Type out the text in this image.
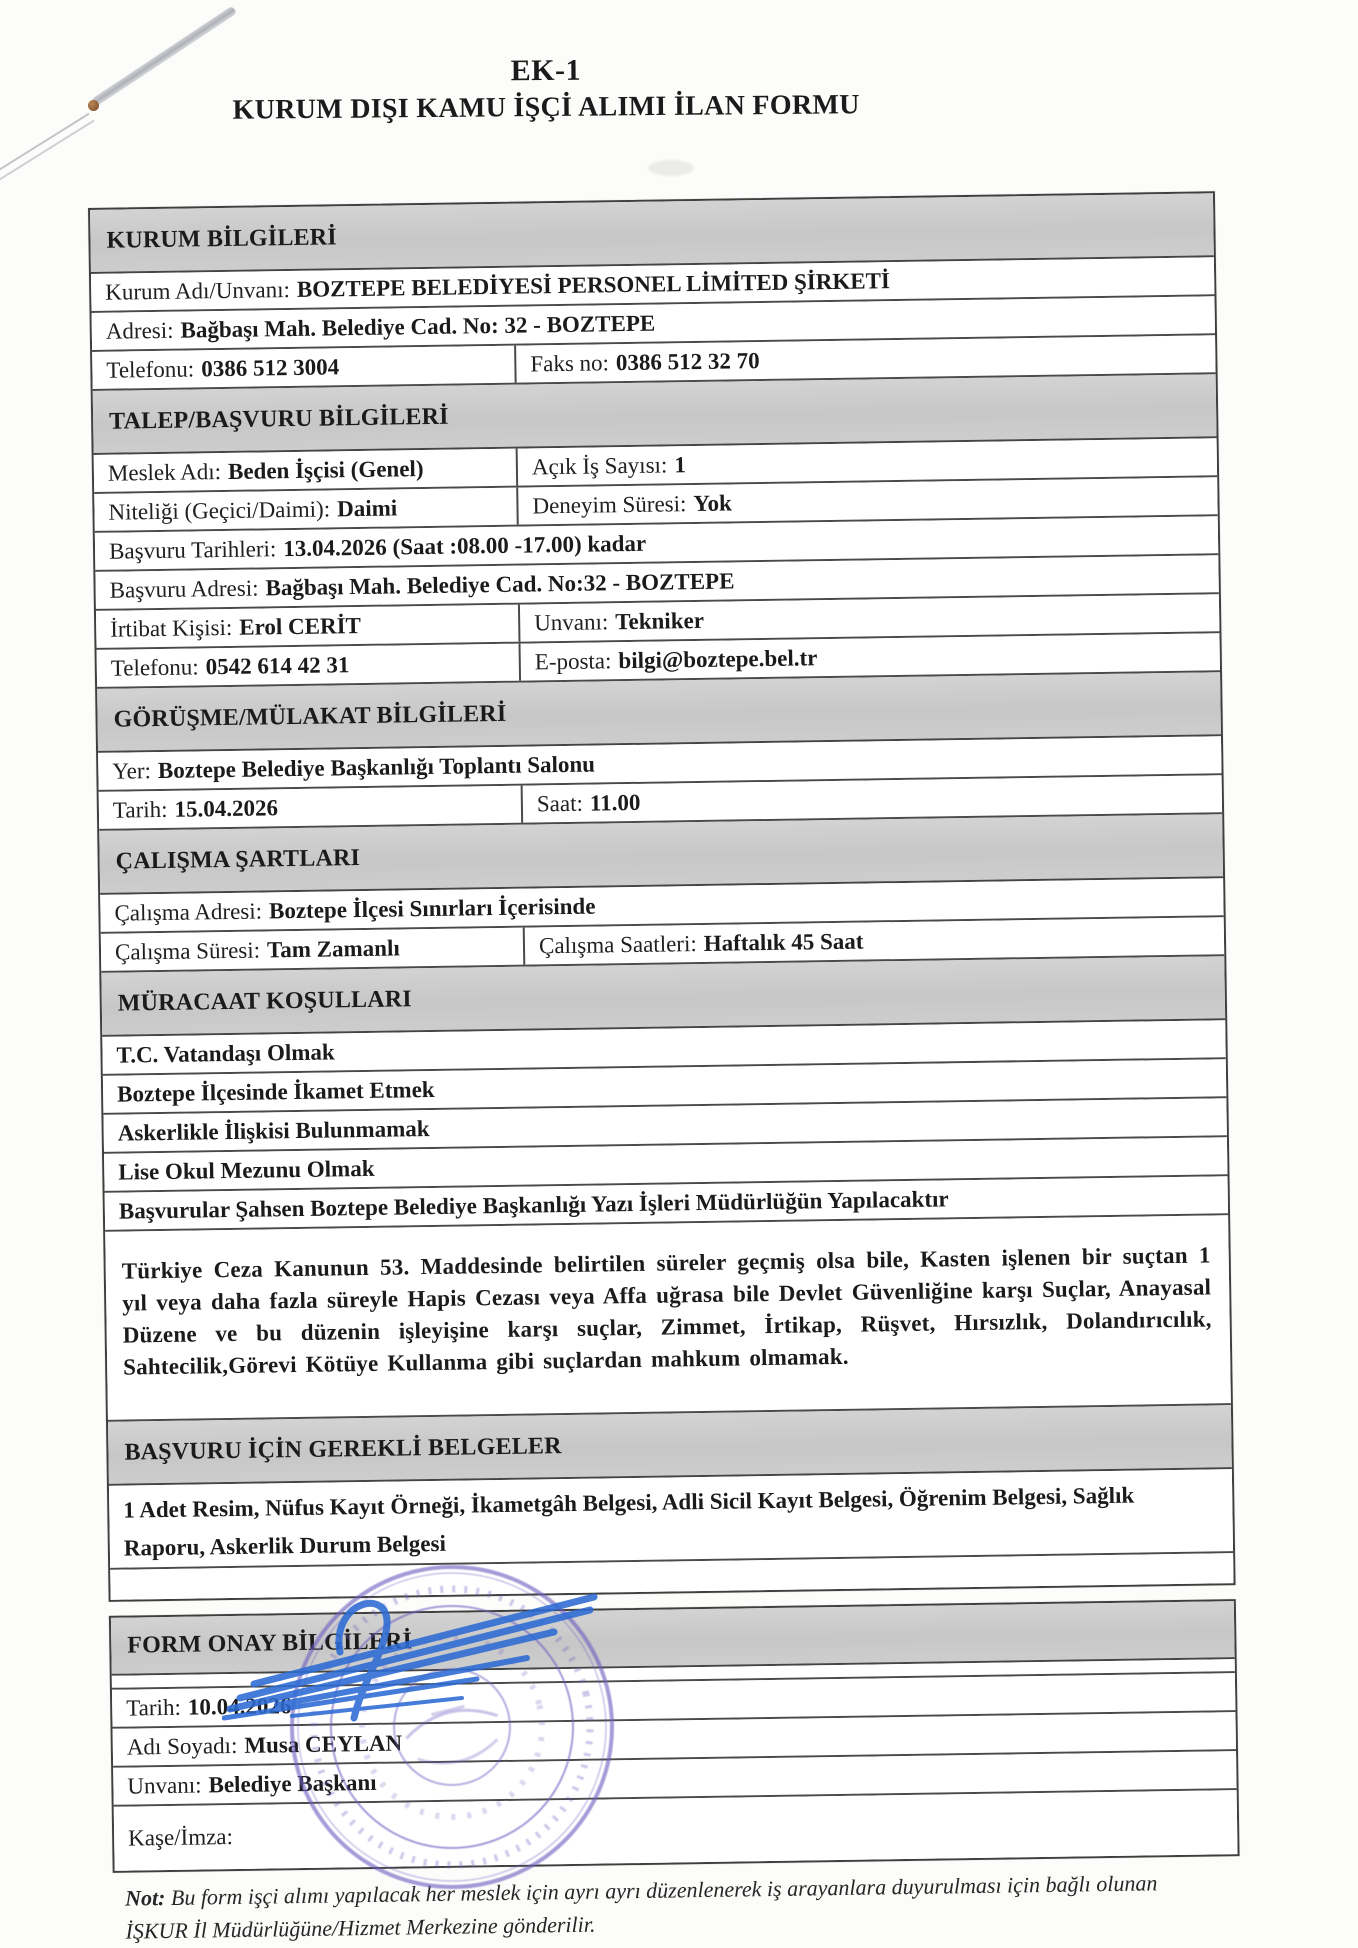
EK-1
KURUM DIŞI KAMU İŞÇİ ALIMI İLAN FORMU
KURUM BİLGİLERİ
Kurum Adı/Unvanı: BOZTEPE BELEDİYESİ PERSONEL LİMİTED ŞİRKETİ
Adresi: Bağbaşı Mah. Belediye Cad. No: 32 - BOZTEPE
Telefonu: 0386 512 3004	Faks no: 0386 512 32 70
TALEP/BAŞVURU BİLGİLERİ
Meslek Adı: Beden İşçisi (Genel)	Açık İş Sayısı: 1
Niteliği (Geçici/Daimi): Daimi	Deneyim Süresi: Yok
Başvuru Tarihleri: 13.04.2026 (Saat :08.00 -17.00) kadar
Başvuru Adresi: Bağbaşı Mah. Belediye Cad. No:32 - BOZTEPE
İrtibat Kişisi: Erol CERİT	Unvanı: Tekniker
Telefonu: 0542 614 42 31	E-posta: bilgi@boztepe.bel.tr
GÖRÜŞME/MÜLAKAT BİLGİLERİ
Yer: Boztepe Belediye Başkanlığı Toplantı Salonu
Tarih: 15.04.2026	Saat: 11.00
ÇALIŞMA ŞARTLARI
Çalışma Adresi: Boztepe İlçesi Sınırları İçerisinde
Çalışma Süresi: Tam Zamanlı	Çalışma Saatleri: Haftalık 45 Saat
MÜRACAAT KOŞULLARI
T.C. Vatandaşı Olmak
Boztepe İlçesinde İkamet Etmek
Askerlikle İlişkisi Bulunmamak
Lise Okul Mezunu Olmak
Başvurular Şahsen Boztepe Belediye Başkanlığı Yazı İşleri Müdürlüğün Yapılacaktır
Türkiye Ceza Kanunun 53. Maddesinde belirtilen süreler geçmiş olsa bile, Kasten işlenen bir suçtan 1 yıl veya daha fazla süreyle Hapis Cezası veya Affa uğrasa bile Devlet Güvenliğine karşı Suçlar, Anayasal Düzene ve bu düzenin işleyişine karşı suçlar, Zimmet, İrtikap, Rüşvet, Hırsızlık, Dolandırıcılık, Sahtecilik,Görevi Kötüye Kullanma gibi suçlardan mahkum olmamak.
BAŞVURU İÇİN GEREKLİ BELGELER
1 Adet Resim, Nüfus Kayıt Örneği, İkametgâh Belgesi, Adli Sicil Kayıt Belgesi, Öğrenim Belgesi, Sağlık Raporu, Askerlik Durum Belgesi
FORM ONAY BİLGİLERİ
Tarih: 10.04.2026
Adı Soyadı: Musa CEYLAN
Unvanı: Belediye Başkanı
Kaşe/İmza:
Not: Bu form işçi alımı yapılacak her meslek için ayrı ayrı düzenlenerek iş arayanlara duyurulması için bağlı olunan
İŞKUR İl Müdürlüğüne/Hizmet Merkezine gönderilir.
